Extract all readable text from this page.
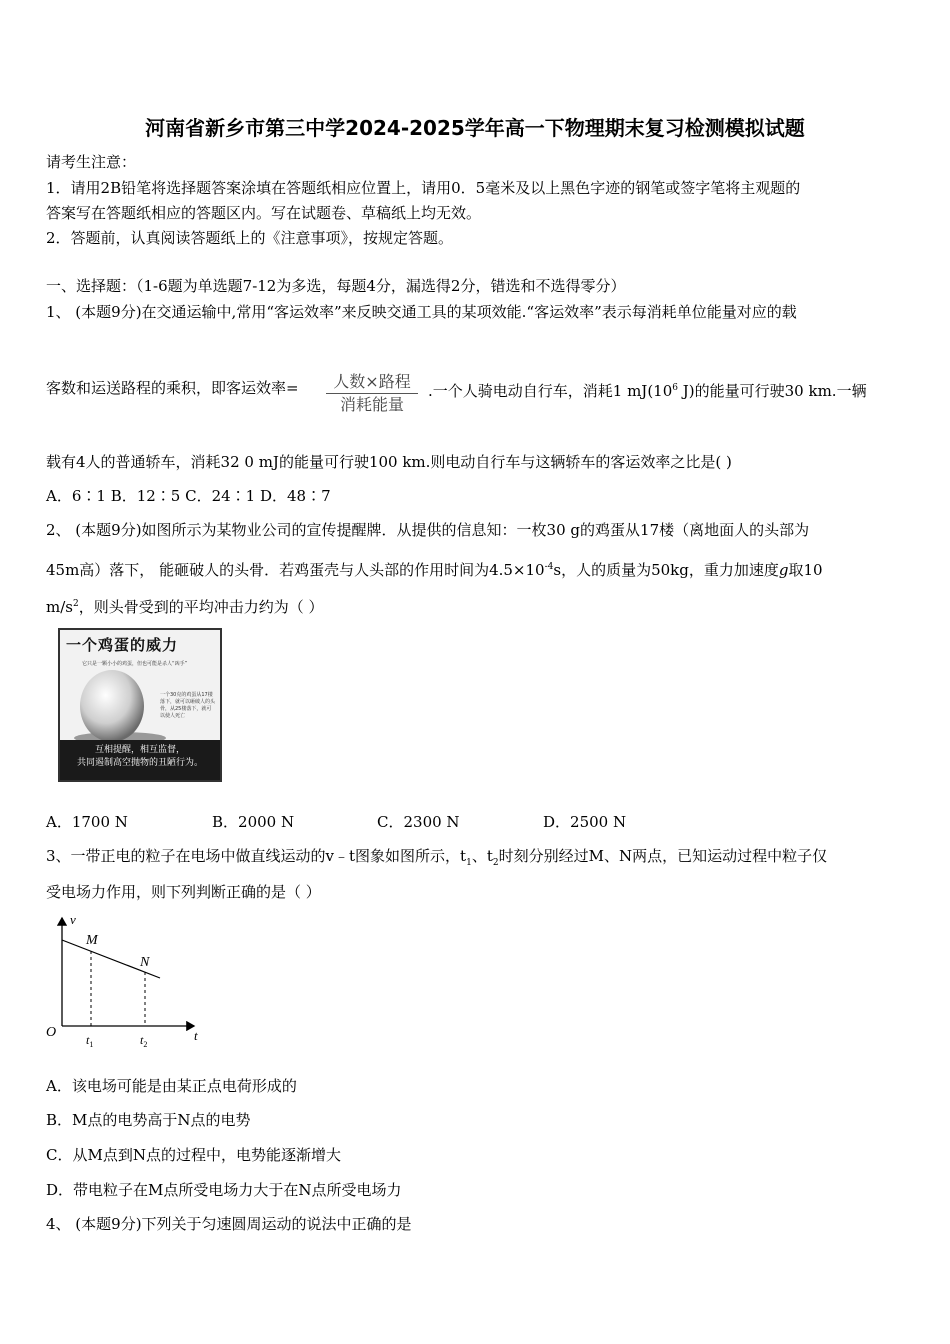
河南省新乡市第三中学2024-2025学年高一下物理期末复习检测模拟试题
请考生注意：
1．请用2B铅笔将选择题答案涂填在答题纸相应位置上，请用0．5毫米及以上黑色字迹的钢笔或签字笔将主观题的
答案写在答题纸相应的答题区内。写在试题卷、草稿纸上均无效。
2．答题前，认真阅读答题纸上的《注意事项》，按规定答题。
一、选择题：（1-6题为单选题7-12为多选，每题4分，漏选得2分，错选和不选得零分）
1、 (本题9分)在交通运输中,常用“客运效率”来反映交通工具的某项效能.“客运效率”表示每消耗单位能量对应的载
客数和运送路程的乘积，即客运效率=	人数×路程
消耗能量
.一个人骑电动自行车，消耗1 $mJ(10^6$ J)的能量可行驶30 km.一辆
载有4人的普通轿车，消耗32 0 mJ的能量可行驶100 km.则电动自行车与这辆轿车的客运效率之比是( )
A．6∶1 B．12∶5 C．24∶1 D．48∶7
2、 (本题9分)如图所示为某物业公司的宣传提醒牌．从提供的信息知：一枚30 g的鸡蛋从17楼（离地面人的头部为
45m高）落下， 能砸破人的头骨．若鸡蛋壳与人头部的作用时间为$4.5\times 10^{-4}s$，人的质量为50kg，重力加速度g取10
$m/s^2$，则头骨受到的平均冲击力约为（ ）
一个鸡蛋的威力
它只是一颗小小的鸡蛋，但也可能是杀人“凶手”
一个30克的鸡蛋从17楼落下，就可以砸破人的头骨，从25楼落下，就可以使人死亡
互相提醒，相互监督，
共同遏制高空抛物的丑陋行为。
A．1700 N	B．2000 N	C．2300 N	D．2500 N
3、一带正电的粒子在电场中做直线运动的v﹣t图象如图所示，$t_1$、$t_2$时刻分别经过M、N两点，已知运动过程中粒子仅
受电场力作用，则下列判断正确的是（ ）
v
t
O
M
N
$t_1$	$t_2$
A．该电场可能是由某正点电荷形成的
B．M点的电势高于N点的电势
C．从M点到N点的过程中，电势能逐渐增大
D．带电粒子在M点所受电场力大于在N点所受电场力
4、 (本题9分)下列关于匀速圆周运动的说法中正确的是
